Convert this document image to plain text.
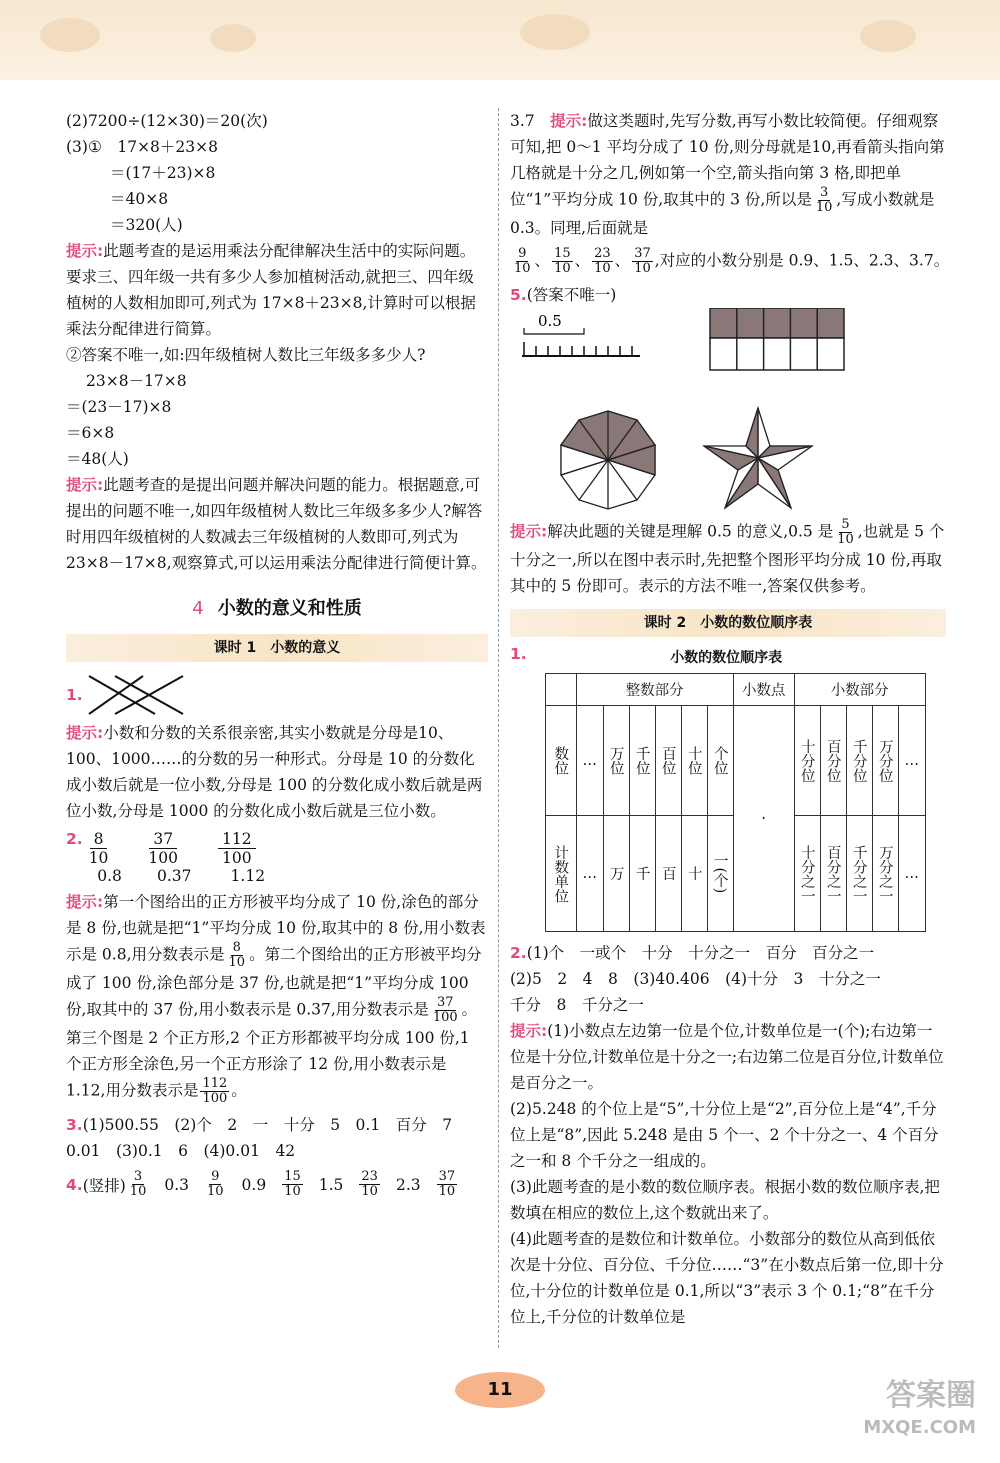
(2)7200÷(12×30)＝20(次)
(3)①　17×8＋23×8
＝(17＋23)×8
＝40×8
＝320(人)

提示:此题考查的是运用乘法分配律解决生活中的实际问题。要求三、四年级一共有多少人参加植树活动,就把三、四年级植树的人数相加即可,列式为 17×8＋23×8,计算时可以根据乘法分配律进行简算。

②答案不唯一,如:四年级植树人数比三年级多多少人?
23×8－17×8
＝(23－17)×8
＝6×8
＝48(人)

提示:此题考查的是提出问题并解决问题的能力。根据题意,可提出的问题不唯一,如四年级植树人数比三年级多多少人?解答时用四年级植树的人数减去三年级植树的人数即可,列式为 23×8－17×8,观察算式,可以运用乘法分配律进行简便计算。

4 小数的意义和性质
课时 1　小数的意义
1.

提示:小数和分数的关系很亲密,其实小数就是分母是10、100、1000……的分数的另一种形式。分母是 10 的分数化成小数后就是一位小数,分母是 100 的分数化成小数后就是两位小数,分母是 1000 的分数化成小数后就是三位小数。

2. $\frac{8}{10}$
0.8
$\frac{37}{100}$
0.37
$\frac{112}{100}$
1.12

提示:第一个图给出的正方形被平均分成了 10 份,涂色的部分是 8 份,也就是把“1”平均分成 10 份,取其中的 8 份,用小数表示是 0.8,用分数表示是 $\frac{8}{10}$ 。第二个图给出的正方形被平均分成了 100 份,涂色部分是 37 份,也就是把“1”平均分成 100 份,取其中的 37 份,用小数表示是 0.37,用分数表示是 $\frac{37}{100}$ 。第三个图是 2 个正方形,2 个正方形都被平均分成 100 份,1 个正方形全涂色,另一个正方形涂了 12 份,用小数表示是 1.12,用分数表示是 $\frac{112}{100}$ 。

3.(1)500.55　(2)个　2　一　十分　5　0.1　百分　7
0.01　(3)0.1　6　(4)0.01　42
4. (竖排) $\frac{3}{10} 0.3 \frac{9}{10} 0.9 \frac{15}{10} 1.5 \frac{23}{10} 2.3 \frac{37}{10}$

3.7　 提示:做这类题时,先写分数,再写小数比较简便。仔细观察可知,把 0～1 平均分成了 10 份,则分母就是10,再看箭头指向第几格就是十分之几,例如第一个空,箭头指向第 3 格,即把单位“1”平均分成 10 份,取其中的 3 份,所以是 $\frac{3}{10}$ ,写成小数就是 0.3。同理,后面就是

$\frac{9}{10}$ 、 $\frac{15}{10}$ 、 $\frac{23}{10}$ 、 $\frac{37}{10}$ ,对应的小数分别是 0.9、1.5、2.3、3.7。

5.(答案不唯一)
0.5

提示:解决此题的关键是理解 0.5 的意义,0.5 是 $\frac{5}{10}$ ,也就是 5 个十分之一,所以在图中表示时,先把整个图形平均分成 10 份,再取其中的 5 份即可。表示的方法不唯一,答案仅供参考。

课时 2　小数的数位顺序表
1.	小数的数位顺序表
	整数部分						小数点	小数部分				
数位	…	万位	千位	百位	十位	个位	·	十分位	百分位	千分位	万分位	…
计数单位	…	万	千	百	十	一(个)		十分之一	百分之一	千分之一	万分之一	…
2.(1)个　一或个　十分　十分之一　百分　百分之一
(2)5　2　4　8　(3)40.406　(4)十分　3　十分之一
千分　8　千分之一

提示:(1)小数点左边第一位是个位,计数单位是一(个);右边第一位是十分位,计数单位是十分之一;右边第二位是百分位,计数单位是百分之一。

(2)5.248 的个位上是“5”,十分位上是“2”,百分位上是“4”,千分位上是“8”,因此 5.248 是由 5 个一、2 个十分之一、4 个百分之一和 8 个千分之一组成的。

(3)此题考查的是小数的数位顺序表。根据小数的数位顺序表,把数填在相应的数位上,这个数就出来了。

(4)此题考查的是数位和计数单位。小数部分的数位从高到低依次是十分位、百分位、千分位……“3”在小数点后第一位,即十分位,十分位的计数单位是 0.1,所以“3”表示 3 个 0.1;“8”在千分位上,千分位的计数单位是

11	答案圈
MXQE.COM
